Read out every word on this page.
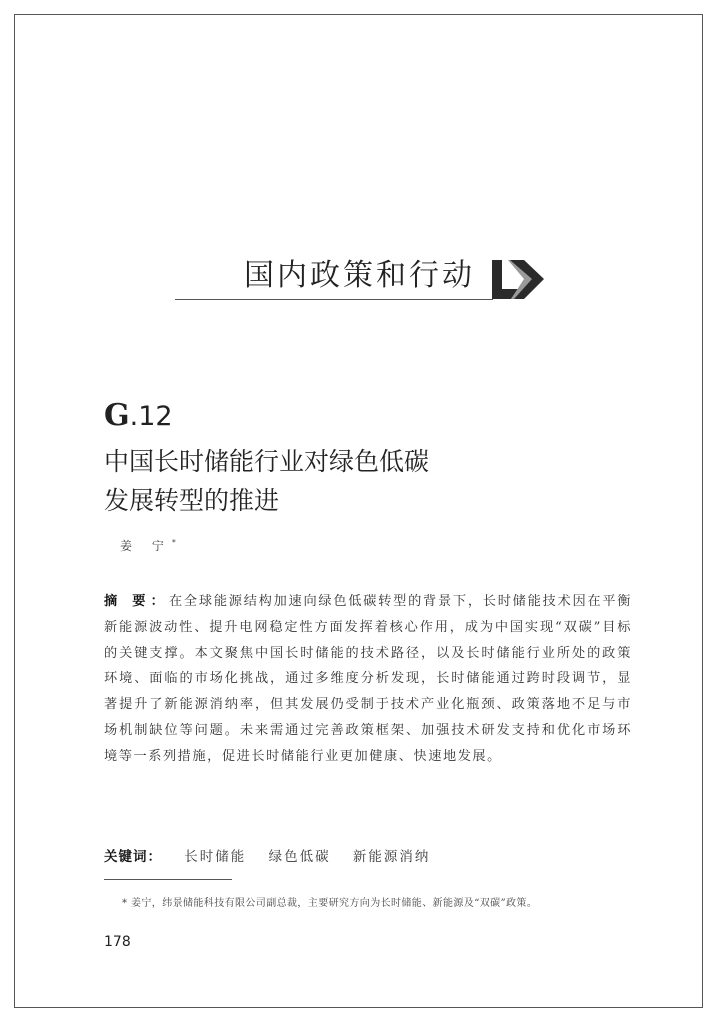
国内政策和行动
G.12
中国长时储能行业对绿色低碳
发展转型的推进
姜 宁*
摘 要：在全球能源结构加速向绿色低碳转型的背景下，长时储能技术因在平衡新能源波动性、提升电网稳定性方面发挥着核心作用，成为中国实现“双碳”目标的关键支撑。本文聚焦中国长时储能的技术路径，以及长时储能行业所处的政策环境、面临的市场化挑战，通过多维度分析发现，长时储能通过跨时段调节，显著提升了新能源消纳率，但其发展仍受制于技术产业化瓶颈、政策落地不足与市场机制缺位等问题。未来需通过完善政策框架、加强技术研发支持和优化市场环境等一系列措施，促进长时储能行业更加健康、快速地发展。
关键词： 长时储能 绿色低碳 新能源消纳
* 姜宁，纬景储能科技有限公司副总裁，主要研究方向为长时储能、新能源及“双碳”政策。
178
